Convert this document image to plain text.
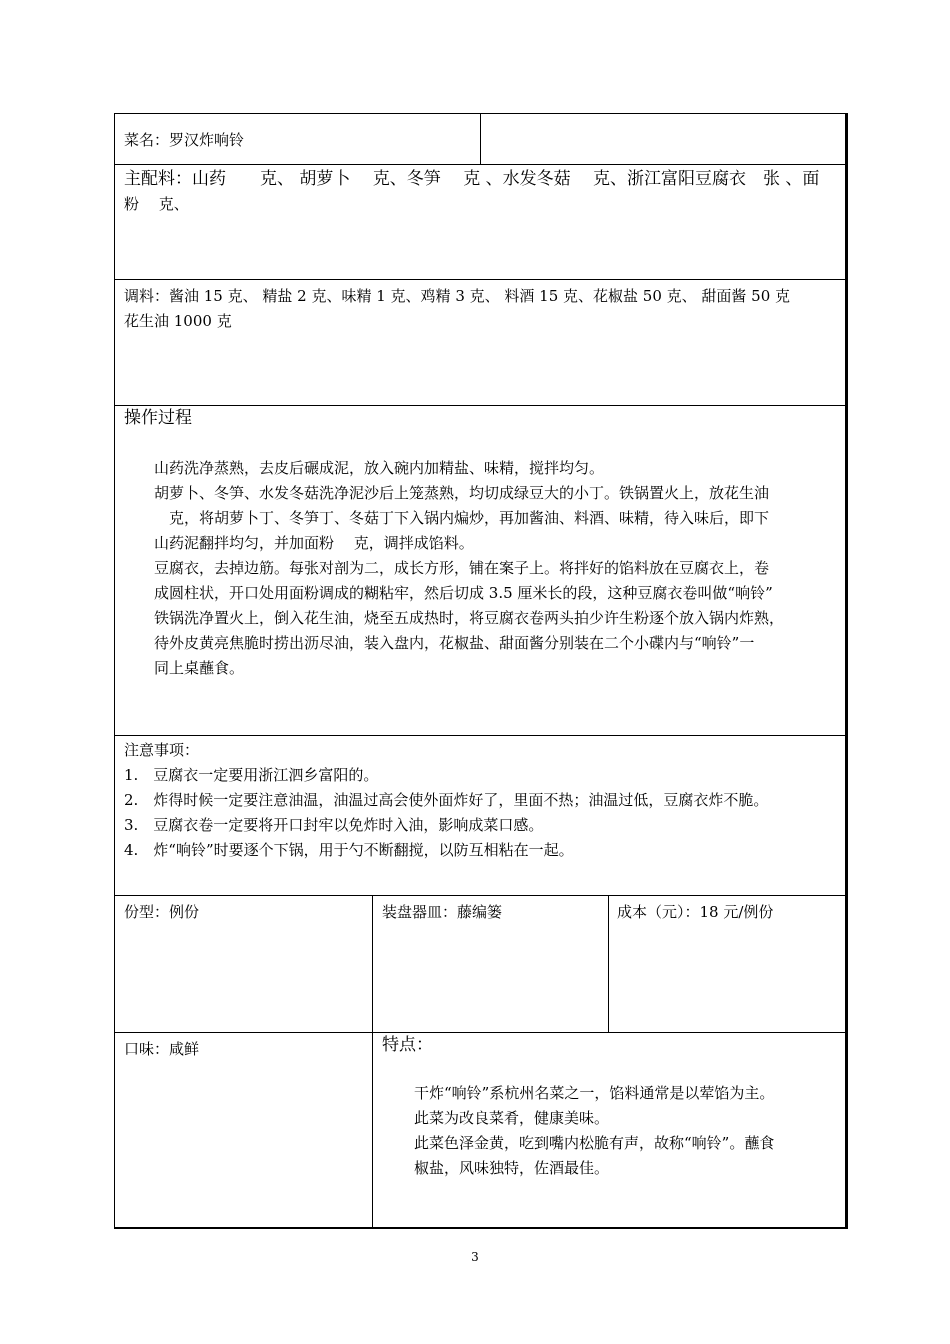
菜名：罗汉炸响铃
主配料：山药　　克、 胡萝卜　 克、冬笋　 克 、水发冬菇　 克、浙江富阳豆腐衣　张 、面
粉　 克、
调料：酱油 15 克、 精盐 2 克、味精 1 克、鸡精 3 克、 料酒 15 克、花椒盐 50 克、 甜面酱 50 克
花生油 1000 克
操作过程
山药洗净蒸熟，去皮后碾成泥，放入碗内加精盐、味精，搅拌均匀。
胡萝卜、冬笋、水发冬菇洗净泥沙后上笼蒸熟，均切成绿豆大的小丁。铁锅置火上，放花生油
　克，将胡萝卜丁、冬笋丁、冬菇丁下入锅内煸炒，再加酱油、料酒、味精，待入味后，即下
山药泥翻拌均匀，并加面粉　 克，调拌成馅料。
豆腐衣，去掉边筋。每张对剖为二，成长方形，铺在案子上。将拌好的馅料放在豆腐衣上，卷
成圆柱状，开口处用面粉调成的糊粘牢，然后切成 3.5 厘米长的段，这种豆腐衣卷叫做“响铃”
铁锅洗净置火上，倒入花生油，烧至五成热时，将豆腐衣卷两头拍少许生粉逐个放入锅内炸熟，
待外皮黄亮焦脆时捞出沥尽油，装入盘内，花椒盐、甜面酱分别装在二个小碟内与“响铃”一
同上桌蘸食。
注意事项：
1.　豆腐衣一定要用浙江泗乡富阳的。
2.　炸得时候一定要注意油温，油温过高会使外面炸好了，里面不热；油温过低，豆腐衣炸不脆。
3.　豆腐衣卷一定要将开口封牢以免炸时入油，影响成菜口感。
4.　炸“响铃”时要逐个下锅，用于勺不断翻搅，以防互相粘在一起。
份型：例份	装盘器皿：藤编篓	成本（元）：18 元/例份
口味：咸鲜	特点：
干炸“响铃”系杭州名菜之一，馅料通常是以荤馅为主。
此菜为改良菜肴，健康美味。
此菜色泽金黄，吃到嘴内松脆有声，故称“响铃”。蘸食
椒盐，风味独特，佐酒最佳。
3
